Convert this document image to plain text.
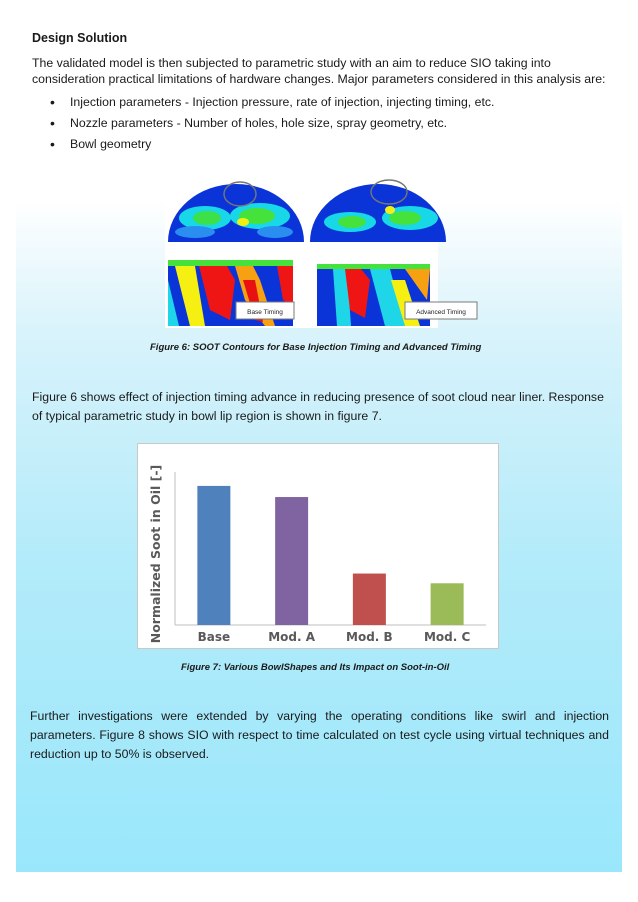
Design Solution
The validated model is then subjected to parametric study with an aim to reduce SIO taking into consideration practical limitations of hardware changes. Major parameters considered in this analysis are:
• Injection parameters - Injection pressure, rate of injection, injecting timing, etc.
• Nozzle parameters - Number of holes, hole size, spray geometry, etc.
• Bowl geometry
Base Timing	Advanced Timing
Figure 6: SOOT Contours for Base Injection Timing and Advanced Timing
Figure 6 shows effect of injection timing advance in reducing presence of soot cloud near liner. Response of typical parametric study in bowl lip region is shown in figure 7.
Normalized Soot in Oil [-]	Base	Mod. A	Mod. B	Mod. C
Figure 7: Various BowlShapes and Its Impact on Soot-in-Oil
Further investigations were extended by varying the operating conditions like swirl and injection parameters. Figure 8 shows SIO with respect to time calculated on test cycle using virtual techniques and reduction up to 50% is observed.
